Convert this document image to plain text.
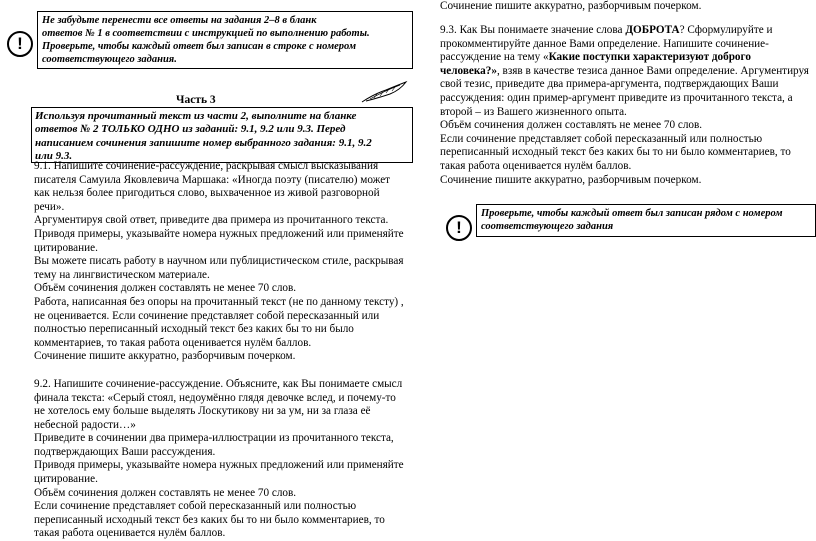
!
Не забудьте перенести все ответы на задания 2–8 в бланк
ответов № 1 в соответствии с инструкцией по выполнению работы.
Проверьте, чтобы каждый ответ был записан в строке с номером
соответствующего задания.
Часть 3
Используя прочитанный текст из части 2, выполните на бланке
ответов № 2 ТОЛЬКО ОДНО из заданий: 9.1, 9.2 или 9.3. Перед
написанием сочинения запишите номер выбранного задания: 9.1, 9.2
или 9.3.
9.1. Напишите сочинение-рассуждение, раскрывая смысл высказывания
писателя Самуила Яковлевича Маршака: «Иногда поэту (писателю) может
как нельзя более пригодиться слово, выхваченное из живой разговорной
речи».
Аргументируя свой ответ, приведите два примера из прочитанного текста.
Приводя примеры, указывайте номера нужных предложений или применяйте
цитирование.
Вы можете писать работу в научном или публицистическом стиле, раскрывая
тему на лингвистическом материале.
Объём сочинения должен составлять не менее 70 слов.
Работа, написанная без опоры на прочитанный текст (не по данному тексту) ,
не оценивается. Если сочинение представляет собой пересказанный или
полностью переписанный исходный текст без каких бы то ни было
комментариев, то такая работа оценивается нулём баллов.
Сочинение пишите аккуратно, разборчивым почерком.
9.2. Напишите сочинение-рассуждение. Объясните, как Вы понимаете смысл
финала текста: «Серый стоял, недоумённо глядя девочке вслед, и почему-то
не хотелось ему больше выделять Лоскутикову ни за ум, ни за глаза её
небесной радости…»
Приведите в сочинении два примера-иллюстрации из прочитанного текста,
подтверждающих Ваши рассуждения.
Приводя примеры, указывайте номера нужных предложений или применяйте
цитирование.
Объём сочинения должен составлять не менее 70 слов.
Если сочинение представляет собой пересказанный или полностью
переписанный исходный текст без каких бы то ни было комментариев, то
такая работа оценивается нулём баллов.
Сочинение пишите аккуратно, разборчивым почерком.
9.3. Как Вы понимаете значение слова ДОБРОТА? Сформулируйте и
прокомментируйте данное Вами определение. Напишите сочинение-
рассуждение на тему «Какие поступки характеризуют доброго
человека?», взяв в качестве тезиса данное Вами определение. Аргументируя
свой тезис, приведите два примера-аргумента, подтверждающих Ваши
рассуждения: один пример-аргумент приведите из прочитанного текста, а
второй – из Вашего жизненного опыта.
Объём сочинения должен составлять не менее 70 слов.
Если сочинение представляет собой пересказанный или полностью
переписанный исходный текст без каких бы то ни было комментариев, то
такая работа оценивается нулём баллов.
Сочинение пишите аккуратно, разборчивым почерком.
!
Проверьте, чтобы каждый ответ был записан рядом с номером
соответствующего задания
